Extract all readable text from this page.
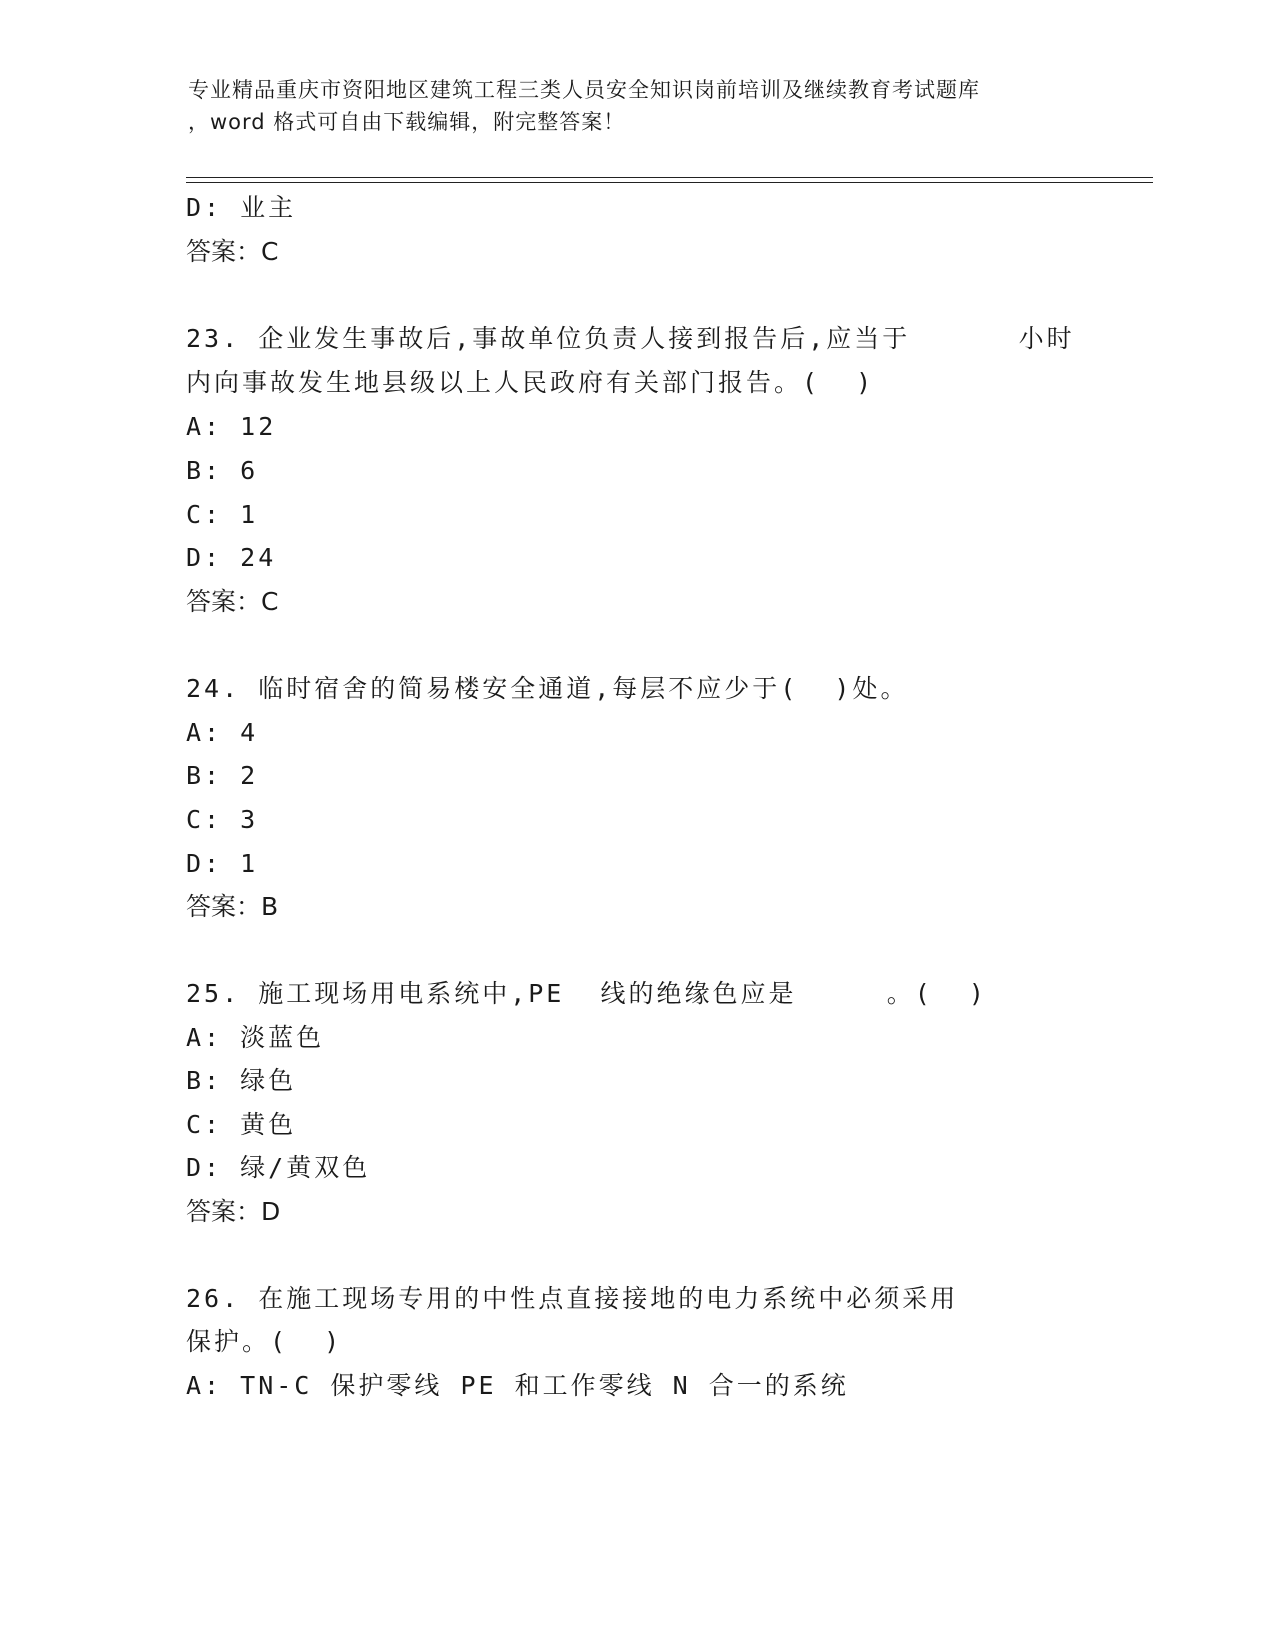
专业精品重庆市资阳地区建筑工程三类人员安全知识岗前培训及继续教育考试题库
，word 格式可自由下载编辑，附完整答案！
D: 业主
答案：C
23. 企业发生事故后,事故单位负责人接到报告后,应当于      小时
内向事故发生地县级以上人民政府有关部门报告。(  )
A: 12
B: 6
C: 1
D: 24
答案：C
24. 临时宿舍的简易楼安全通道,每层不应少于(  )处。
A: 4
B: 2
C: 3
D: 1
答案：B
25. 施工现场用电系统中,PE  线的绝缘色应是     。(  )
A: 淡蓝色
B: 绿色
C: 黄色
D: 绿/黄双色
答案：D
26. 在施工现场专用的中性点直接接地的电力系统中必须采用
保护。(  )
A: TN-C 保护零线 PE 和工作零线 N 合一的系统
